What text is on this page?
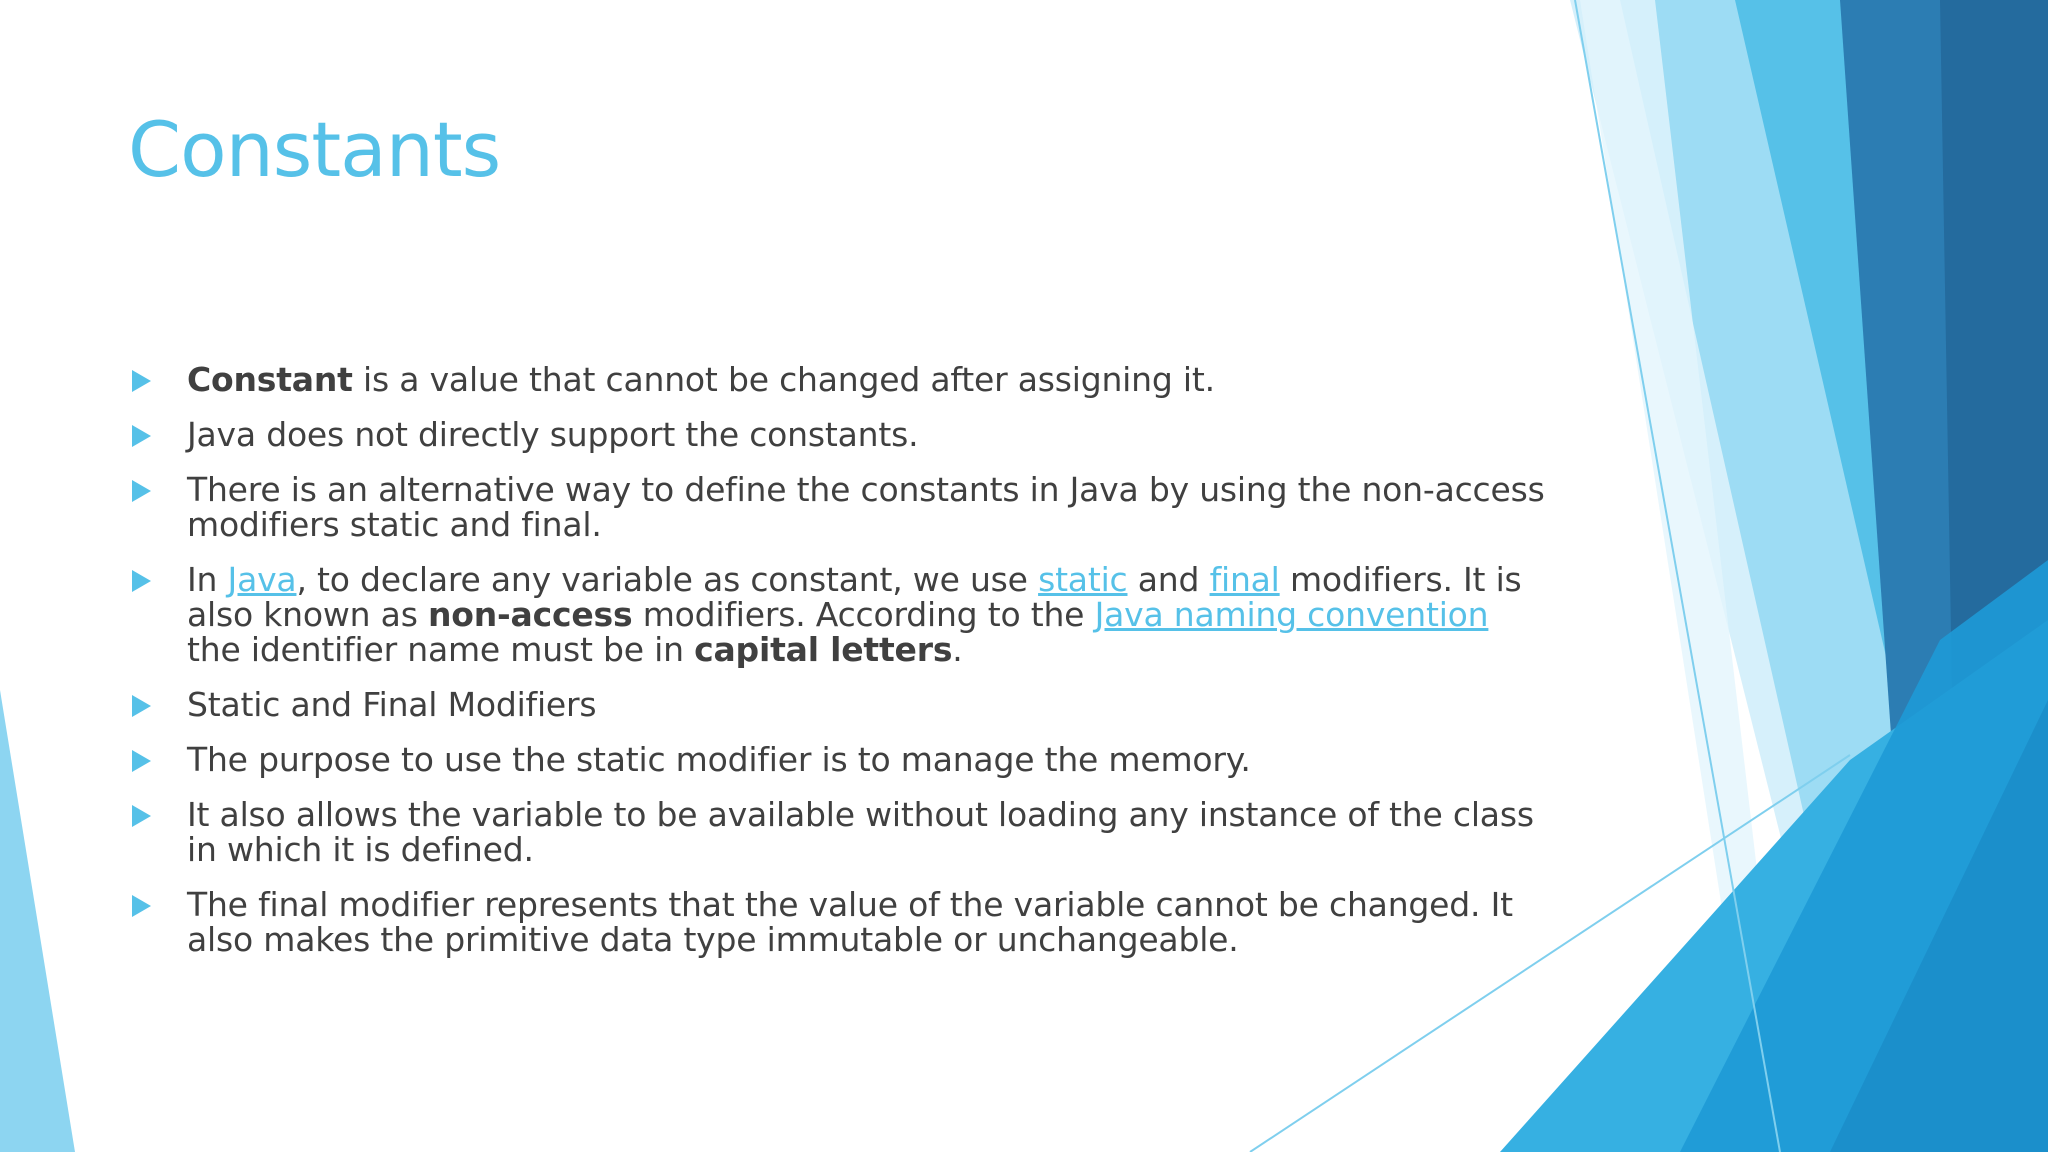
Constants
Constant is a value that cannot be changed after assigning it.
Java does not directly support the constants.
There is an alternative way to define the constants in Java by using the non-access modifiers static and final.
In Java, to declare any variable as constant, we use static and final modifiers. It is also known as non-access modifiers. According to the Java naming convention the identifier name must be in capital letters.
Static and Final Modifiers
The purpose to use the static modifier is to manage the memory.
It also allows the variable to be available without loading any instance of the class in which it is defined.
The final modifier represents that the value of the variable cannot be changed. It also makes the primitive data type immutable or unchangeable.
